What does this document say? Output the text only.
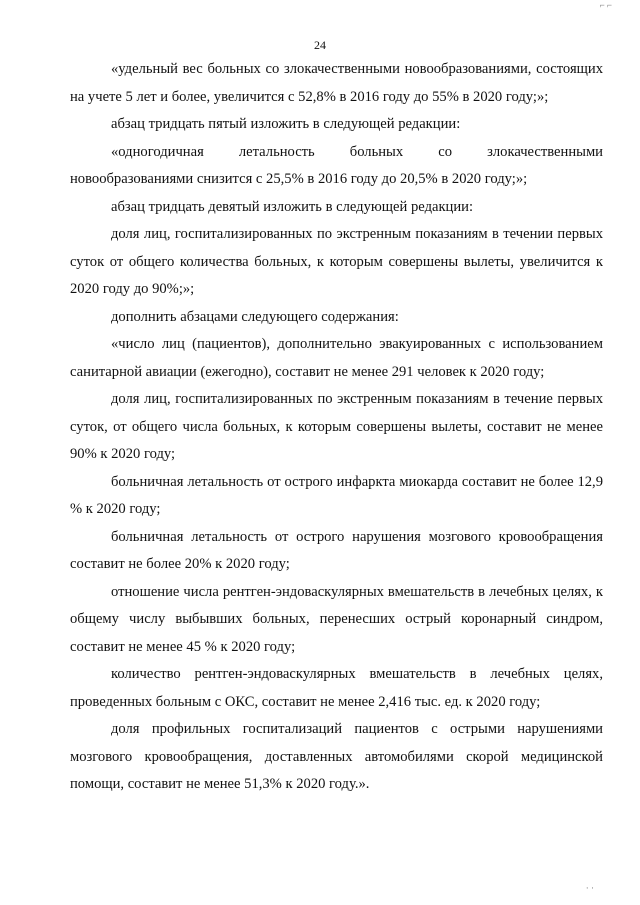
⌐ ⌐
24

«удельный вес больных со злокачественными новообразованиями, состоящих на учете 5 лет и более, увеличится с 52,8% в 2016 году до 55% в 2020 году;»;

абзац тридцать пятый изложить в следующей редакции:

«одногодичная летальность больных со злокачественными новообразованиями снизится с 25,5% в 2016 году до 20,5% в 2020 году;»;

абзац тридцать девятый изложить в следующей редакции:

доля лиц, госпитализированных по экстренным показаниям в течении первых суток от общего количества больных, к которым совершены вылеты, увеличится к 2020 году до 90%;»;

дополнить абзацами следующего содержания:

«число лиц (пациентов), дополнительно эвакуированных с использованием санитарной авиации (ежегодно), составит не менее 291 человек к 2020 году;

доля лиц, госпитализированных по экстренным показаниям в течение первых суток, от общего числа больных, к которым совершены вылеты, составит не менее 90% к 2020 году;

больничная летальность от острого инфаркта миокарда составит не более 12,9 % к 2020 году;

больничная летальность от острого нарушения мозгового кровообращения составит не более 20% к 2020 году;

отношение числа рентген-эндоваскулярных вмешательств в лечебных целях, к общему числу выбывших больных, перенесших острый коронарный синдром, составит не менее 45 % к 2020 году;

количество рентген-эндоваскулярных вмешательств в лечебных целях, проведенных больным с ОКС, составит не менее 2,416 тыс. ед. к 2020 году;

доля профильных госпитализаций пациентов с острыми нарушениями мозгового кровообращения, доставленных автомобилями скорой медицинской помощи, составит не менее 51,3% к 2020 году.».

· ·
